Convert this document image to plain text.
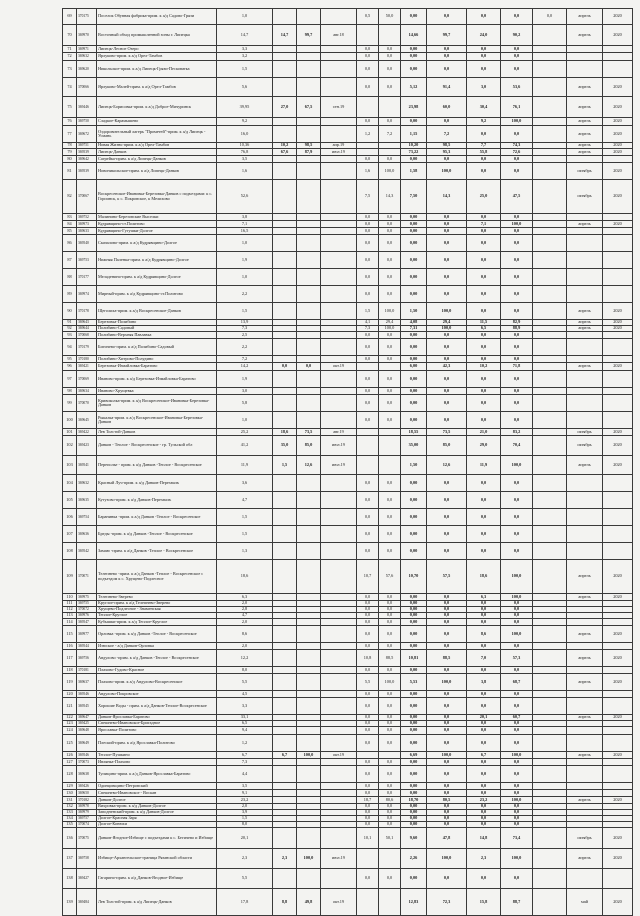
69	370175	Поселок Обувная фабрика-прим. к а/д Садово-Грязи	1,0				0,5	50,0	0,00	0,0	0,0	0,0	0,0	апрель	2020
70	369970	Восточный обход промышленной зоны г. Липецка	14,7	14,7	99,7	авг.18			14,66	99,7	24,0	90,2		апрель	2020
71	369971	Липецк-Лесное Озеро	3,3				0,0	0,0	0,00	0,0	0,0	0,0			
72	369632	Ярлуково-прим. к а/д Орел-Тамбов	3,2				0,0	0,0	0,00	0,0	0,0	0,0			
73	369620	Никольское-прим. к а/д Липецк-Грязи-Песковатка	1,5				0,0	0,0	0,00	0,0	0,0	0,0			
74	370066	Ярлуково-Малей-прим. к а/д Орел-Тамбов	5,6				0,0	0,0	5,12	91,4	3,0	53,6		апрель	2020
75	369446	Липецк-Борисовка-прим. к а/д Доброе-Мичуринск	39,95	27,0	67,5	сен.19			23,98	60,0	30,4	76,1		апрель	2020
76	369750	Сладкое-Карамышево	9,2				0,0	0,0	0,00	0,0	9,2	100,0		апрель	2020
77	369672	Оздоровительный лагерь "Прометей"-прим. к а/д Липецк - Усмань	16,0				1,2	7,2	1,15	7,2	0,0	0,0		апрель	2020
78	369751	Новая Жизнь-прим. к а/д Орел-Тамбов	10,36	10,2	98,5	апр.19			10,20	98,5	7,7	74,3		апрель	2020
79	369539	Липецк-Данков	76,8	67,6	87,9	июл.19			73,22	95,3	55,8	72,6		апрель	2020
80	369642	Сагрейка-прим. к а/д Липецк-Данков	3,5				0,0	0,0	0,00	0,0	0,0	0,0			
81	369539	Новоникольское-прим. к а/д Липецк-Данков	1,6				1,6	100,0	1,58	100,0	0,0	0,0		октябрь	2020
82	370067	Воскресенское-Ивановка-Березовка-Данков с подъездами: к с. Гороинск, к с. Покровское, к Мелихово	52,6				7,5	14,3	7,50	14,3	25,0	47,5		октябрь	2020
83	369752	Малинино-Березовские Выселки	3,8				0,0	0,0	0,00	0,0	0,0	0,0			
84	369973	Кудрявщино-ст.Политово	7,1				0,0	0,0	0,00	0,0	7,1	100,0		апрель	2020
85	369633	Кудрявщино-Гугушки-Долгое	16,5				0,0	0,0	0,00	0,0	0,0	0,0			
86	369540	Скачалово-прим. к а/д Кудрявщино-Долгое	1,0				0,0	0,0	0,00	0,0	0,0	0,0			
87	369753	Нижняя Паленка-прим. к а/д Кудрявщино-Долгое	1,9				0,0	0,0	0,00	0,0	0,0	0,0			
88	370177	Меладенино-прим. к а/д Кудрявщино-Долгое	1,0				0,0	0,0	0,00	0,0	0,0	0,0			
89	369974	Мирный-прим. к а/д Кудрявщино-ст.Политово	2,2				0,0	0,0	0,00	0,0	0,0	0,0			
90	370178	Щеголиха-прим. к а/д Воскресенское-Данков	1,5				1,5	100,0	1,50	100,0	0,0	0,0		апрель	2020
91	369643	Березовка-Полибино	13,9				4,1	29,4	4,08	29,4	11,5	82,9		апрель	2020
92	369644	Полибино-Садовый	7,3				7,3	100,0	7,31	100,0	6,5	88,9		апрель	2020
93	370068	Полибино-Верхняя Павлавка	2,5				0,0	0,0	0,00	0,0	0,0	0,0			
94	370179	Бигичево-прим. к а/д Полибино-Садовый	2,2				0,0	0,0	0,00	0,0	0,0	0,0			
95	370180	Полибино-Хитрово-Полудино	7,2				0,0	0,0	0,00	0,0	0,0	0,0			
96	369421	Березовка-Измайловка-Баратово	14,2	0,0	0,0	окт.19			6,00	42,3	10,2	71,8		апрель	2020
97	370069	Иваново-прим. к а/д Березовка-Измайловка-Баратово	1,9				0,0	0,0	0,00	0,0	0,0	0,0			
98	369634	Иваново-Хрущевка	3,0				0,0	0,0	0,00	0,0	0,0	0,0			
99	370070	Кривоколка-прим. к а/д Воскресенское-Ивановка-Березовка-Данков	5,8				0,0	0,0	0,00	0,0	0,0	0,0			
100	369645	Рыкалка-прим. к а/д Воскресенское-Ивановка-Березовка-Данков	1,0				0,0	0,0	0,00	0,0	0,0	0,0			
101	369422	Лев Толстой-Данков	25,2	18,6	73,5	авг.19			18,55	73,5	21,0	83,2		октябрь	2020
102	369423	Данков - Теплое - Воскресенское - гр. Тульской обл	41,2	35,0	85,0	июл.19			35,00	85,0	29,0	70,4		октябрь	2020
103	369541	Переполье - прим. к а/д Данков -Теплое - Воскресенское	11,9	1,5	12,6	июл.19			1,50	12,6	11,9	100,0		апрель	2020
104	369632	Красный Луч-прим. к а/д Данков-Перехвалъ	3,6				0,0	0,0	0,00	0,0	0,0	0,0			
105	369635	Кутузово-прим. к а/д Данков-Перехвалъ	4,7				0,0	0,0	0,00	0,0	0,0	0,0			
106	369754	Баранинка -прим. к а/д Данков -Теплое - Воскресенское	1,5				0,0	0,0	0,00	0,0	0,0	0,0			
107	369636	Бреды -прим. к а/д Данков -Теплое - Воскресенское	1,5				0,0	0,0	0,00	0,0	0,0	0,0			
108	369542	Замаю -прим. к а/д Данков -Теплое - Воскресенское	1,3				0,0	0,0	0,00	0,0	0,0	0,0			
109	370071	Телепнево -прим. к а/д Данков -Теплое - Воскресенское с подъездом к с. Хрущево-Подлесное	18,6				10,7	57,6	10,70	57,5	18,6	100,0		апрель	2020
110	369975	Телепнево-Зверево	6,3				0,0	0,0	0,00	0,0	6,3	100,0		апрель	2020
111	369755	Круглое-прим. к а/д Телепнево-Зверево	2,0				0,0	0,0	0,00	0,0	0,0	0,0			
112	370072	Хрущево-Подлесное - Знаменская	2,8				0,0	0,0	0,00	0,0	0,0	0,0			
113	369976	Теплое-Круглое	4,7				0,0	0,0	0,00	0,0	0,0	0,0			
114	369547	Кубышки-прим. к а/д Теплое-Круглое	2,0				0,0	0,0	0,00	0,0	0,0	0,0			
115	369977	Орловка -прим. к а/д Данков -Теплое - Воскресенское	8,6				0,0	0,0	0,00	0,0	8,6	100,0		апрель	2020
116	369544	Изюское - а/д Данков-Орловка	2,0				0,0	0,0	0,00	0,0	0,0	0,0			
117	369756	Авдулово -прим. к а/д Данков -Теплое - Воскресенское	12,2				10,8	88,5	10,81	88,5	7,0	57,3		апрель	2020
118	370181	Плахово-Гудово-Красное	8,0				0,0	0,0	0,00	0,0	0,0	0,0			
119	369637	Плахово-прим. к а/д Авдулово-Воскресенское	5,5				5,5	100,0	5,53	100,0	3,8	68,7		апрель	2020
120	369546	Авдулово-Покровское	4,5				0,0	0,0	0,00	0,0	0,0	0,0			
121	369545	Хорошие Воды - прим. к а/д Данков-Теплое-Воскресенское	3,3				0,0	0,0	0,00	0,0	0,0	0,0			
122	369647	Данков-Ярославка-Баратово	33,1				0,0	0,0	0,00	0,0	20,1	60,7		апрель	2020
123	369425	Спешнево-Ивановское-Бригадное	6,5				0,0	0,0	0,00	0,0	0,0	0,0			
124	369648	Ярославка-Политово	9,4				0,0	0,0	0,00	0,0	0,0	0,0			
125	369649	Плеский-прим. к а/д Ярославка-Политово	1,2				0,0	0,0	0,00	0,0	0,0	0,0			
126	369546	Теплое-Пушкино	6,7	6,7	100,0	окт.19			6,69	100,0	6,7	100,0		апрель	2020
127	370073	Ивлянка-Плахово	7,3				0,0	0,0	0,00	0,0	0,0	0,0			
128	369638	Тупицино-прим. к а/д Данков-Ярославка-Баратово	4,4				0,0	0,0	0,00	0,0	0,0	0,0			
129	369426	Одинцовщино-Петровский	3,5				0,0	0,0	0,00	0,0	0,0	0,0			
130	369650	Спешнево-Ивановское - Воскан	9,1				0,0	0,0	0,00	0,0	0,0	0,0			
131	370182	Данков-Долгое	23,2				18,7	80,6	18,70	80,5	23,2	100,0		апрель	2020
132	369978	Вихровка-прим. к а/д Данков-Долгое	2,0				0,0	0,0	0,00	0,0	0,0	0,0			
133	369979	Заподненский-прим. к а/д Данков-Долгое	3,9				0,0	0,0	0,00	0,0	0,0	0,0			
134	369757	Долгое-Красная Заря	1,5				0,0	0,0	0,00	0,0	0,0	0,0			
135	370074	Долгое-Конюхи	8,0				0,0	0,0	0,00	0,0	0,0	0,0			
136	370075	Данков-Ягодное-Избище с подъездами к с. Бегичево и Избище	20,1				10,1	50,1	9,60	47,8	14,8	73,4		октябрь	2020
137	369758	Избище-Архангельское-граница Рязанской области	2,3	2,3	100,0	июл.19			2,26	100,0	2,3	100,0		апрель	2020
138	369427	Гагарино-прим. к а/д Данков-Ягодное-Избище	5,5				0,0	0,0	0,00	0,0	0,0	0,0			
139	369484	Лев Толстой-прим. к а/д Липецк-Данков	17,8	8,8	49,8	окт.19			12,83	72,3	15,8	88,7		май	2020
